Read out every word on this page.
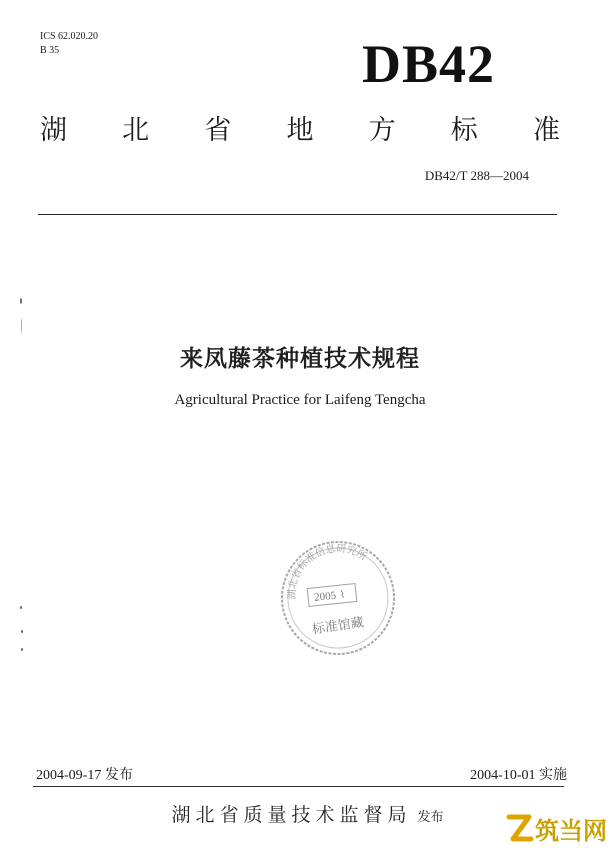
ICS 62.020.20
B 35	DB42
湖 北 省 地 方 标 准
DB42/T 288—2004
来凤藤茶种植技术规程
Agricultural Practice for Laifeng Tengcha
湖北省标准信息研究所
2005 ⌇
标准馆藏
2004-09-17 发布	2004-10-01 实施
湖北省质量技术监督局 发布	筑当网
